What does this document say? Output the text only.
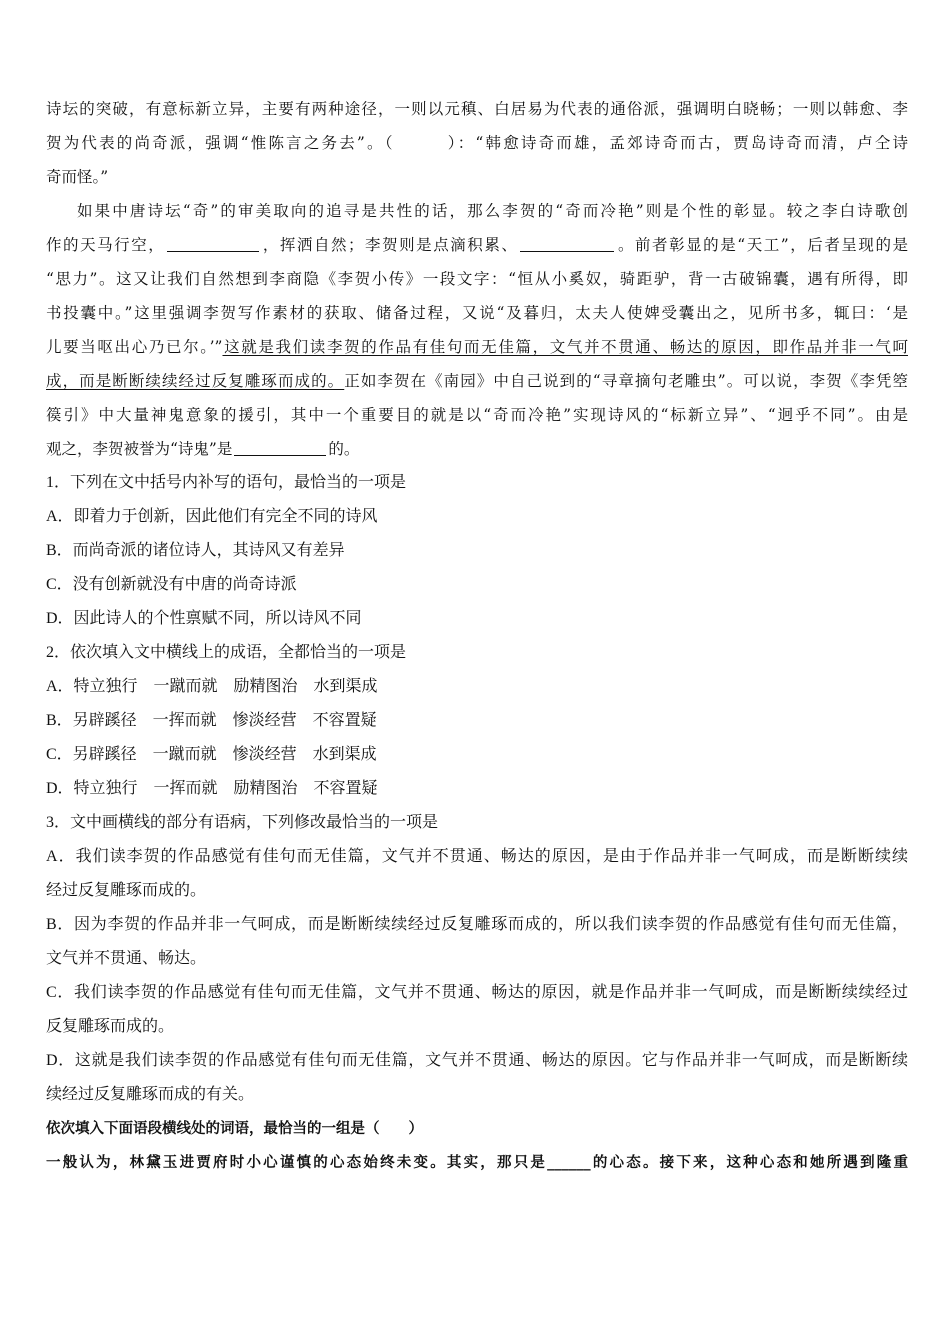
诗坛的突破，有意标新立异，主要有两种途径，一则以元稹、白居易为代表的通俗派，强调明白晓畅；一则以韩愈、李
贺为代表的尚奇派，强调“惟陈言之务去”。（　　　）：“韩愈诗奇而雄，孟郊诗奇而古，贾岛诗奇而清，卢仝诗
奇而怪。”
如果中唐诗坛“奇”的审美取向的追寻是共性的话，那么李贺的“奇而冷艳”则是个性的彰显。较之李白诗歌创
作的天马行空，	，挥洒自然；李贺则是点滴积累、	。前者彰显的是“天工”，后者呈现的是
“思力”。这又让我们自然想到李商隐《李贺小传》一段文字：“恒从小奚奴，骑距驴，背一古破锦囊，遇有所得，即
书投囊中。”这里强调李贺写作素材的获取、储备过程，又说“及暮归，太夫人使婢受囊出之，见所书多，辄曰：‘是
儿要当呕出心乃已尔。’”这就是我们读李贺的作品有佳句而无佳篇，文气并不贯通、畅达的原因，即作品并非一气呵
成，而是断断续续经过反复雕琢而成的。正如李贺在《南园》中自己说到的“寻章摘句老雕虫”。可以说，李贺《李凭箜
篌引》中大量神鬼意象的援引，其中一个重要目的就是以“奇而冷艳”实现诗风的“标新立异”、“迥乎不同”。由是
观之，李贺被誉为“诗鬼”是	的。
1．下列在文中括号内补写的语句，最恰当的一项是
A．即着力于创新，因此他们有完全不同的诗风
B．而尚奇派的诸位诗人，其诗风又有差异
C．没有创新就没有中唐的尚奇诗派
D．因此诗人的个性禀赋不同，所以诗风不同
2．依次填入文中横线上的成语，全都恰当的一项是
A．特立独行　一蹴而就　励精图治　水到渠成
B．另辟蹊径　一挥而就　惨淡经营　不容置疑
C．另辟蹊径　一蹴而就　惨淡经营　水到渠成
D．特立独行　一挥而就　励精图治　不容置疑
3．文中画横线的部分有语病，下列修改最恰当的一项是
A．我们读李贺的作品感觉有佳句而无佳篇，文气并不贯通、畅达的原因，是由于作品并非一气呵成，而是断断续续
经过反复雕琢而成的。
B．因为李贺的作品并非一气呵成，而是断断续续经过反复雕琢而成的，所以我们读李贺的作品感觉有佳句而无佳篇，
文气并不贯通、畅达。
C．我们读李贺的作品感觉有佳句而无佳篇，文气并不贯通、畅达的原因，就是作品并非一气呵成，而是断断续续经过
反复雕琢而成的。
D．这就是我们读李贺的作品感觉有佳句而无佳篇，文气并不贯通、畅达的原因。它与作品并非一气呵成，而是断断续
续经过反复雕琢而成的有关。
依次填入下面语段横线处的词语，最恰当的一组是（　　）
一般认为，林黛玉进贾府时小心谨慎的心态始终未变。其实，那只是______的心态。接下来，这种心态和她所遇到隆重
